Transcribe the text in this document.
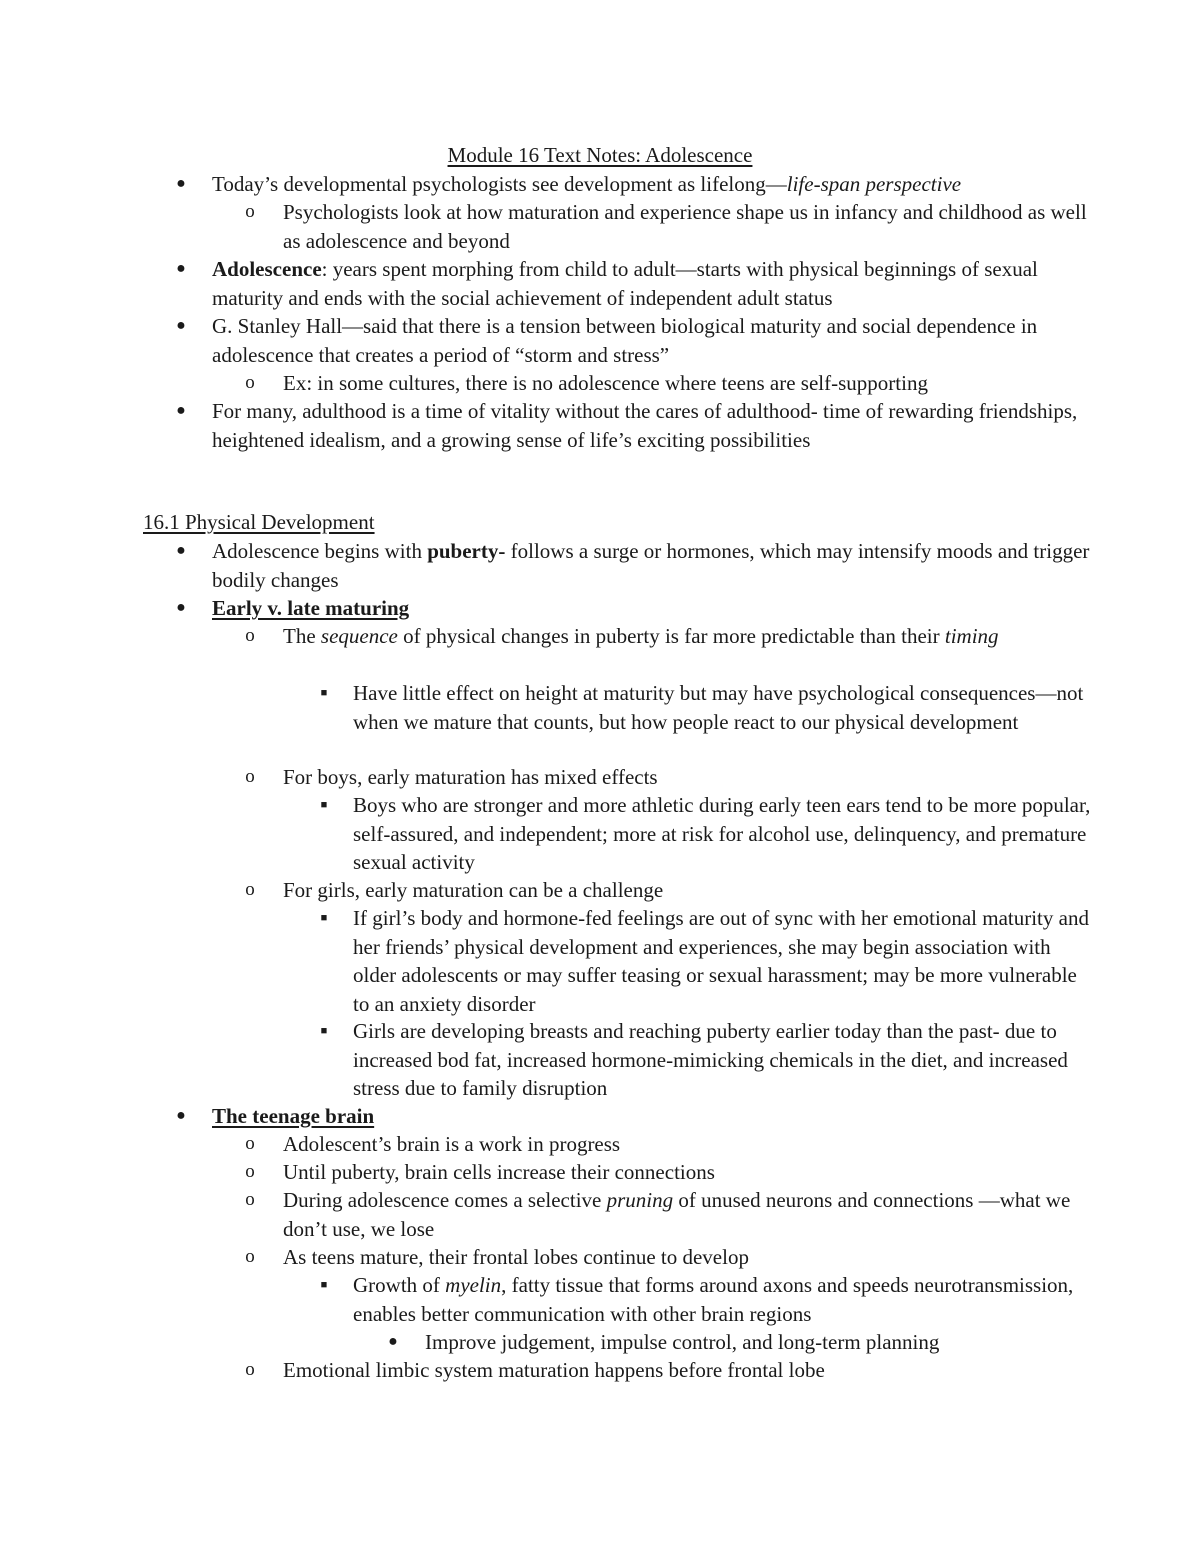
Module 16 Text Notes: Adolescence

●	Today’s developmental psychologists see development as lifelong—life-span perspective

o	Psychologists look at how maturation and experience shape us in infancy and childhood as well as adolescence and beyond

●	Adolescence: years spent morphing from child to adult—starts with physical beginnings of sexual maturity and ends with the social achievement of independent adult status

●	G. Stanley Hall—said that there is a tension between biological maturity and social dependence in adolescence that creates a period of “storm and stress”

o	Ex: in some cultures, there is no adolescence where teens are self-supporting

●	For many, adulthood is a time of vitality without the cares of adulthood- time of rewarding friendships, heightened idealism, and a growing sense of life’s exciting possibilities

16.1 Physical Development

●	Adolescence begins with puberty- follows a surge or hormones, which may intensify moods and trigger bodily changes

●	Early v. late maturing

o	The sequence of physical changes in puberty is far more predictable than their timing

■	Have little effect on height at maturity but may have psychological consequences—not when we mature that counts, but how people react to our physical development

o	For boys, early maturation has mixed effects

■	Boys who are stronger and more athletic during early teen ears tend to be more popular, self-assured, and independent; more at risk for alcohol use, delinquency, and premature sexual activity

o	For girls, early maturation can be a challenge

■	If girl’s body and hormone-fed feelings are out of sync with her emotional maturity and her friends’ physical development and experiences, she may begin association with older adolescents or may suffer teasing or sexual harassment; may be more vulnerable to an anxiety disorder

■	Girls are developing breasts and reaching puberty earlier today than the past- due to increased bod fat, increased hormone-mimicking chemicals in the diet, and increased stress due to family disruption

●	The teenage brain

o	Adolescent’s brain is a work in progress

o	Until puberty, brain cells increase their connections

o	During adolescence comes a selective pruning of unused neurons and connections —what we don’t use, we lose

o	As teens mature, their frontal lobes continue to develop

■	Growth of myelin, fatty tissue that forms around axons and speeds neurotransmission, enables better communication with other brain regions

●	Improve judgement, impulse control, and long-term planning

o	Emotional limbic system maturation happens before frontal lobe
